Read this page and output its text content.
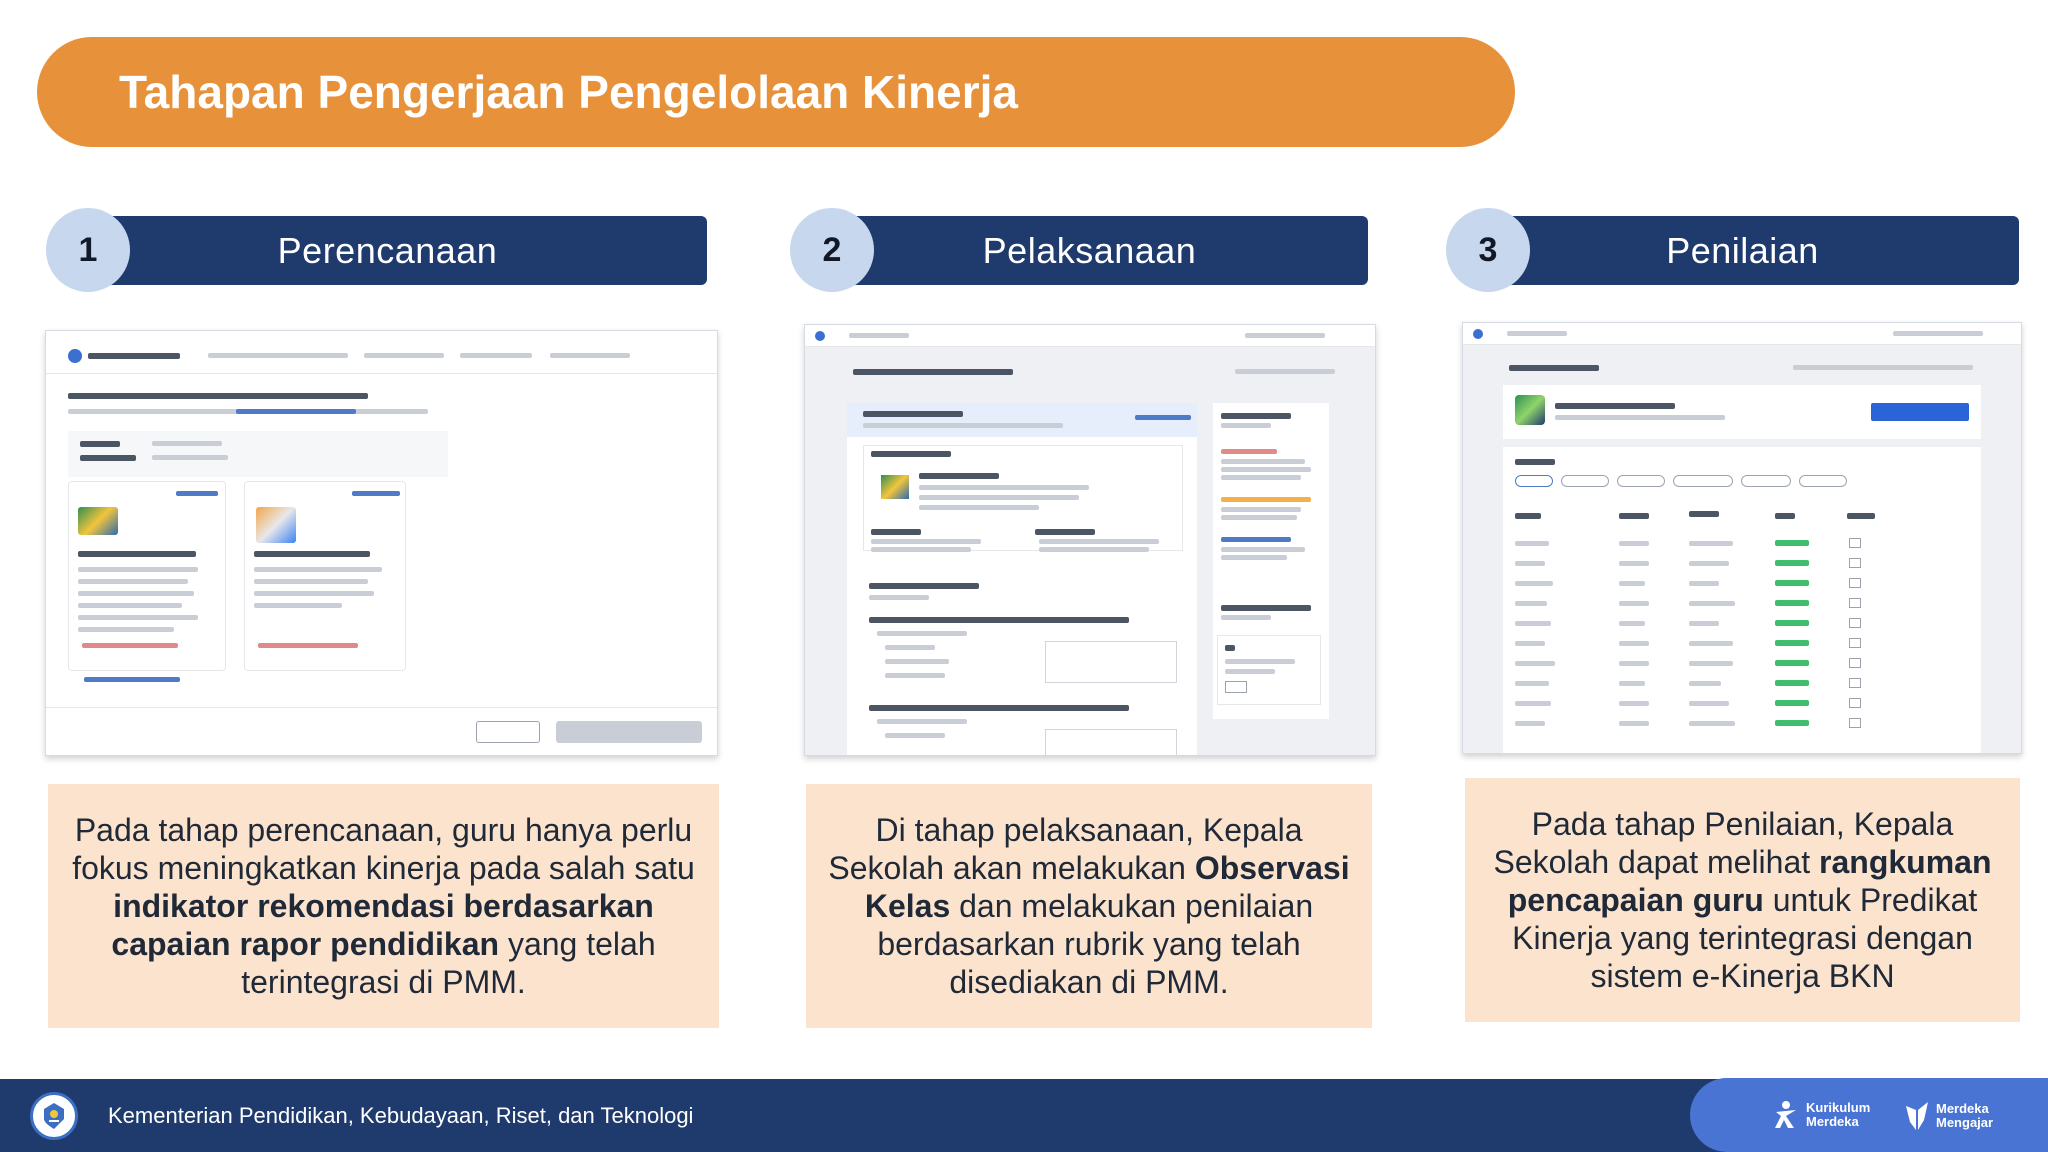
Tahapan Pengerjaan Pengelolaan Kinerja
Perencanaan
1

Pada tahap perencanaan, guru hanya perlu fokus meningkatkan kinerja pada salah satu indikator rekomendasi berdasarkan capaian rapor pendidikan yang telah terintegrasi di PMM.

Pelaksanaan
2

Di tahap pelaksanaan, Kepala Sekolah akan melakukan Observasi Kelas dan melakukan penilaian berdasarkan rubrik yang telah disediakan di PMM.

Penilaian
3

Pada tahap Penilaian, Kepala Sekolah dapat melihat rangkuman pencapaian guru untuk Predikat Kinerja yang terintegrasi dengan sistem e-Kinerja BKN

Kementerian Pendidikan, Kebudayaan, Riset, dan Teknologi	Kurikulum
Merdeka
Merdeka
Mengajar
